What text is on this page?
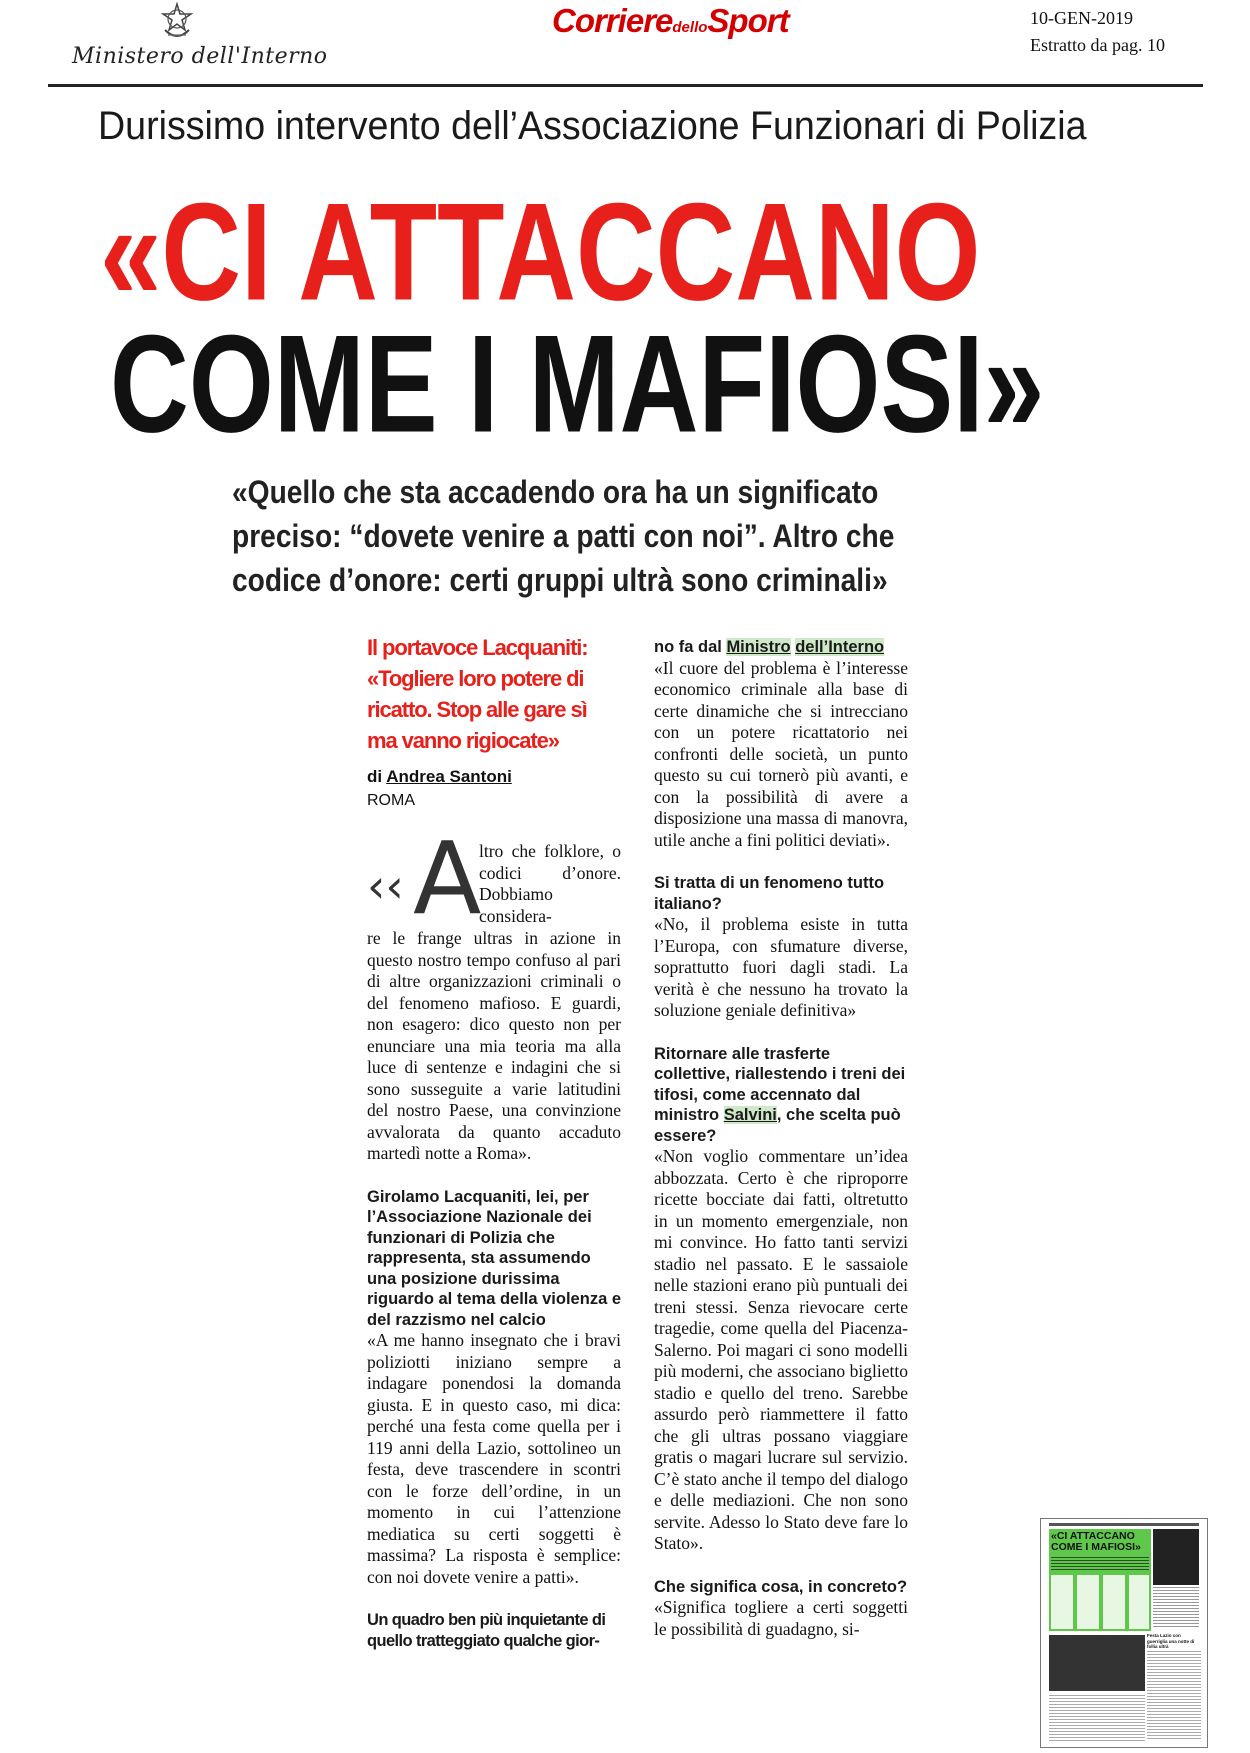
Ministero dell'Interno
CorrieredelloSport	10-GEN-2019
Estratto da pag. 10
Durissimo intervento dell’Associazione Funzionari di Polizia
«CI ATTACCANO
COME I MAFIOSI»
«Quello che sta accadendo ora ha un significato
preciso: “dovete venire a patti con noi”. Altro che
codice d’onore: certi gruppi ultrà sono criminali»
Il portavoce Lacquaniti: «Togliere loro potere di ricatto. Stop alle gare sì ma vanno rigiocate»
di Andrea Santoni
ROMA
‹‹ A

ltro che folklore, o codici d’onore. Dobbiamo considera-

re le frange ultras in azione in questo nostro tempo confuso al pari di altre organizzazioni criminali o del fenomeno mafioso. E guardi, non esagero: dico questo non per enunciare una mia teoria ma alla luce di sentenze e indagini che si sono susseguite a varie latitudini del nostro Paese, una convinzione avvalorata da quanto accaduto martedì notte a Roma».

Girolamo Lacquaniti, lei, per l’Associazione Nazionale dei funzionari di Polizia che rappresenta, sta assumendo una posizione durissima riguardo al tema della violenza e del razzismo nel calcio

«A me hanno insegnato che i bravi poliziotti iniziano sempre a indagare ponendosi la domanda giusta. E in questo caso, mi dica: perché una festa come quella per i 119 anni della Lazio, sottolineo un festa, deve trascendere in scontri con le forze dell’ordine, in un momento in cui l’attenzione mediatica su certi soggetti è massima? La risposta è semplice: con noi dovete venire a patti».

Un quadro ben più inquietante di quello tratteggiato qualche gior-
no fa dal Ministro dell’Interno

«Il cuore del problema è l’interesse economico criminale alla base di certe dinamiche che si intrecciano con un potere ricattatorio nei confronti delle società, un punto questo su cui tornerò più avanti, e con la possibilità di avere a disposizione una massa di manovra, utile anche a fini politici deviati».

Si tratta di un fenomeno tutto italiano?

«No, il problema esiste in tutta l’Europa, con sfumature diverse, soprattutto fuori dagli stadi. La verità è che nessuno ha trovato la soluzione geniale definitiva»

Ritornare alle trasferte collettive, riallestendo i treni dei tifosi, come accennato dal ministro Salvini, che scelta può essere?

«Non voglio commentare un’idea abbozzata. Certo è che riproporre ricette bocciate dai fatti, oltretutto in un momento emergenziale, non mi convince. Ho fatto tanti servizi stadio nel passato. E le sassaiole nelle stazioni erano più puntuali dei treni stessi. Senza rievocare certe tragedie, come quella del Piacenza-Salerno. Poi magari ci sono modelli più moderni, che associano biglietto stadio e quello del treno. Sarebbe assurdo però riammettere il fatto che gli ultras possano viaggiare gratis o magari lucrare sul servizio. C’è stato anche il tempo del dialogo e delle mediazioni. Che non sono servite. Adesso lo Stato deve fare lo Stato».

Che significa cosa, in concreto?

«Significa togliere a certi soggetti le possibilità di guadagno, si-

«CI ATTACCANO
COME I MAFIOSI»
Festa Lazio con guerriglia una notte di follia ultrà
